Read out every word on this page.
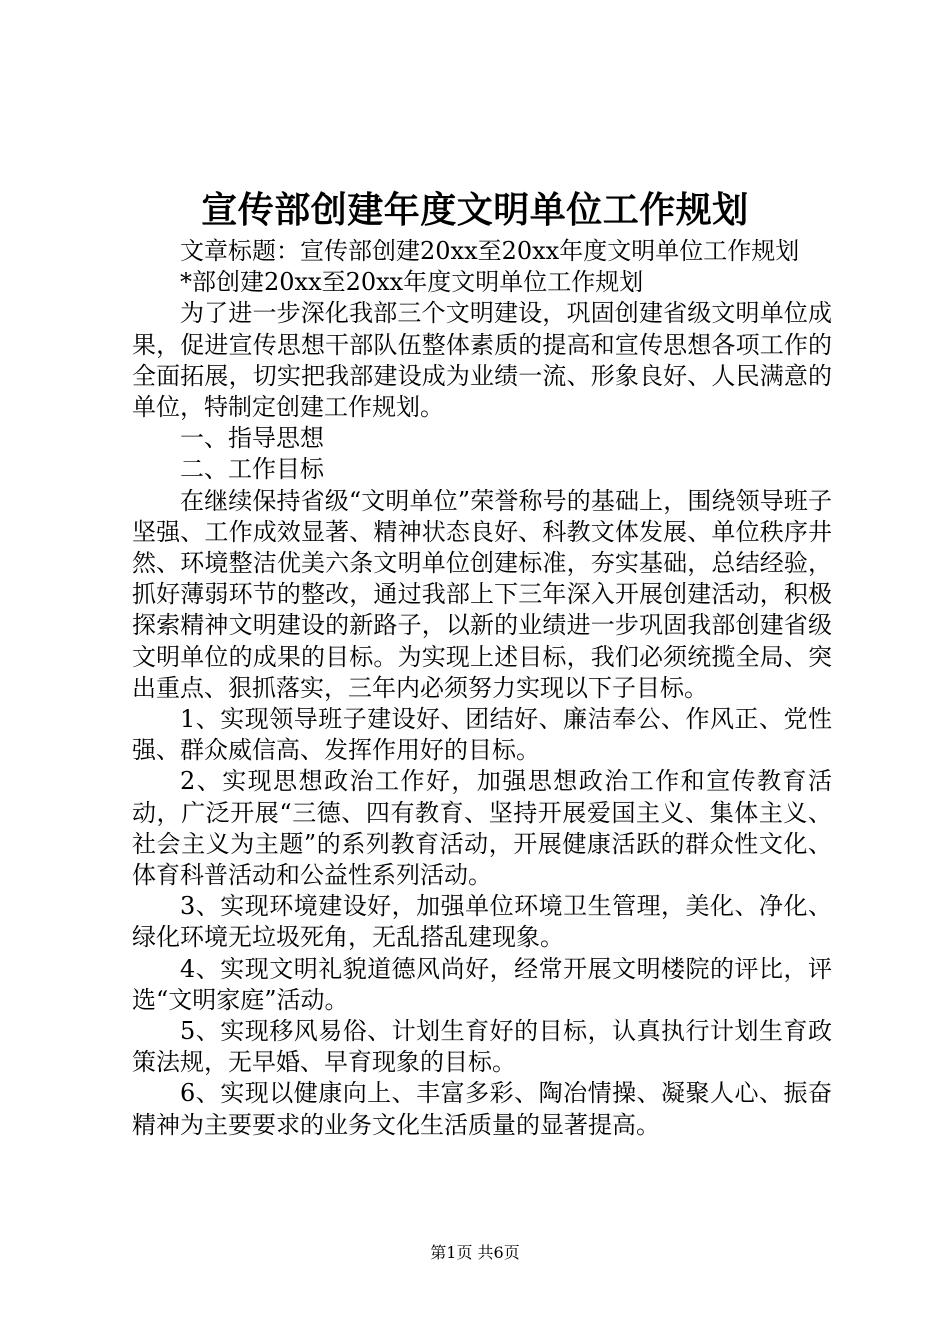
宣传部创建年度文明单位工作规划

文章标题：宣传部创建20xx至20xx年度文明单位工作规划

*部创建20xx至20xx年度文明单位工作规划

为了进一步深化我部三个文明建设，巩固创建省级文明单位成果，促进宣传思想干部队伍整体素质的提高和宣传思想各项工作的全面拓展，切实把我部建设成为业绩一流、形象良好、人民满意的单位，特制定创建工作规划。

一、指导思想

二、工作目标

在继续保持省级“文明单位”荣誉称号的基础上，围绕领导班子坚强、工作成效显著、精神状态良好、科教文体发展、单位秩序井然、环境整洁优美六条文明单位创建标准，夯实基础，总结经验，抓好薄弱环节的整改，通过我部上下三年深入开展创建活动，积极探索精神文明建设的新路子，以新的业绩进一步巩固我部创建省级文明单位的成果的目标。为实现上述目标，我们必须统揽全局、突出重点、狠抓落实，三年内必须努力实现以下子目标。

1、实现领导班子建设好、团结好、廉洁奉公、作风正、党性强、群众威信高、发挥作用好的目标。

2、实现思想政治工作好，加强思想政治工作和宣传教育活动，广泛开展“三德、四有教育、坚持开展爱国主义、集体主义、社会主义为主题”的系列教育活动，开展健康活跃的群众性文化、体育科普活动和公益性系列活动。

3、实现环境建设好，加强单位环境卫生管理，美化、净化、绿化环境无垃圾死角，无乱搭乱建现象。

4、实现文明礼貌道德风尚好，经常开展文明楼院的评比，评选“文明家庭”活动。

5、实现移风易俗、计划生育好的目标，认真执行计划生育政策法规，无早婚、早育现象的目标。

6、实现以健康向上、丰富多彩、陶冶情操、凝聚人心、振奋精神为主要要求的业务文化生活质量的显著提高。

第1页 共6页
